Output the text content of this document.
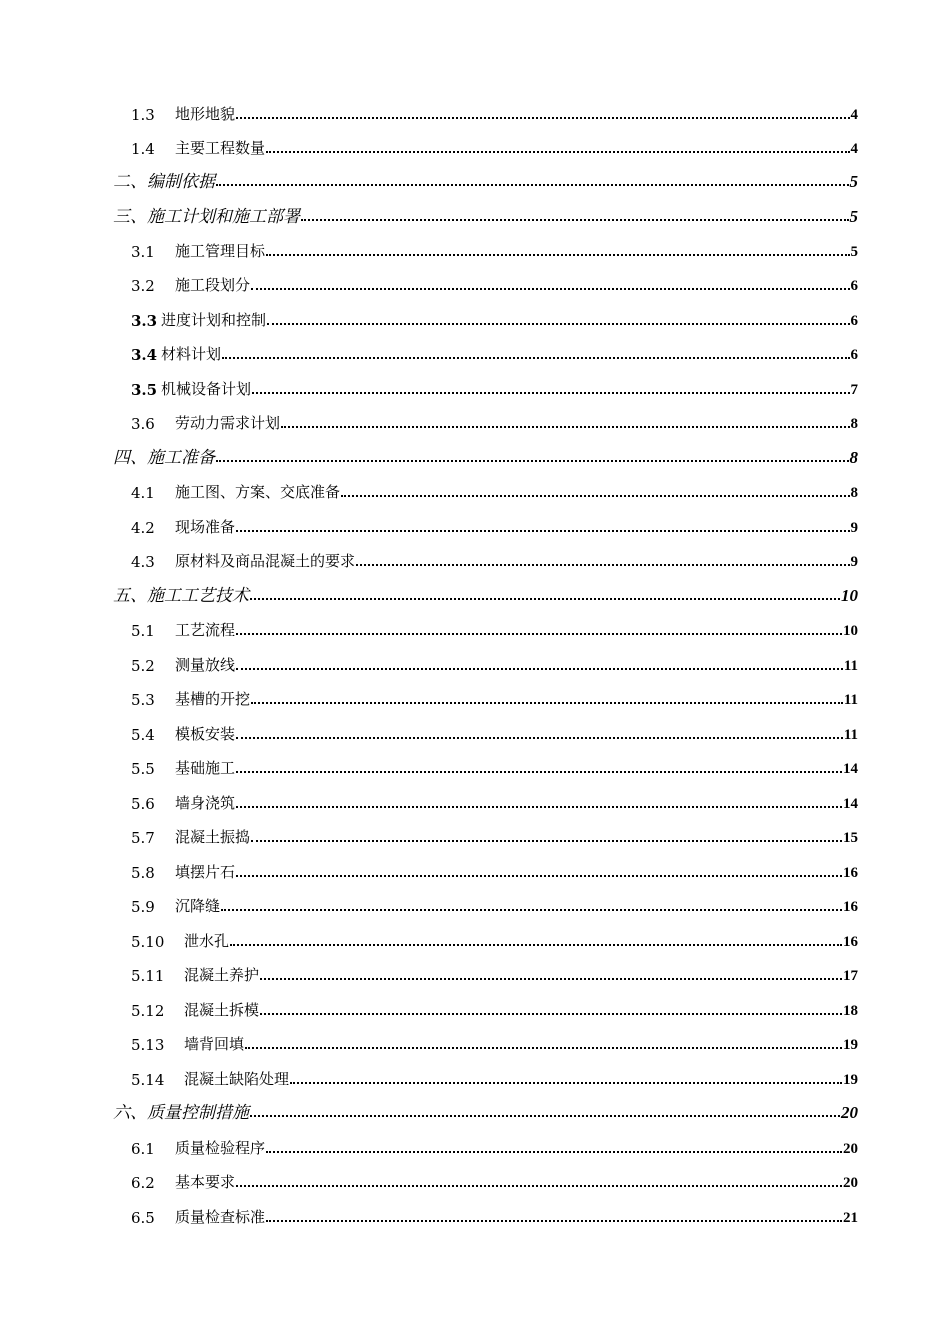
1.3	地形地貌	4
1.4	主要工程数量	4
二、编制依据	5
三、施工计划和施工部署	5
3.1	施工管理目标	5
3.2	施工段划分	6
3.3 进度计划和控制	6
3.4 材料计划	6
3.5 机械设备计划	7
3.6	劳动力需求计划	8
四、施工准备	8
4.1	施工图、方案、交底准备	8
4.2	现场准备	9
4.3	原材料及商品混凝土的要求	9
五、施工工艺技术	10
5.1	工艺流程	10
5.2	测量放线	11
5.3	基槽的开挖	11
5.4	模板安装	11
5.5	基础施工	14
5.6	墙身浇筑	14
5.7	混凝土振捣	15
5.8	填摆片石	16
5.9	沉降缝	16
5.10	泄水孔	16
5.11	混凝土养护	17
5.12	混凝土拆模	18
5.13	墙背回填	19
5.14	混凝土缺陷处理	19
六、质量控制措施	20
6.1	质量检验程序	20
6.2	基本要求	20
6.5	质量检查标准	21
